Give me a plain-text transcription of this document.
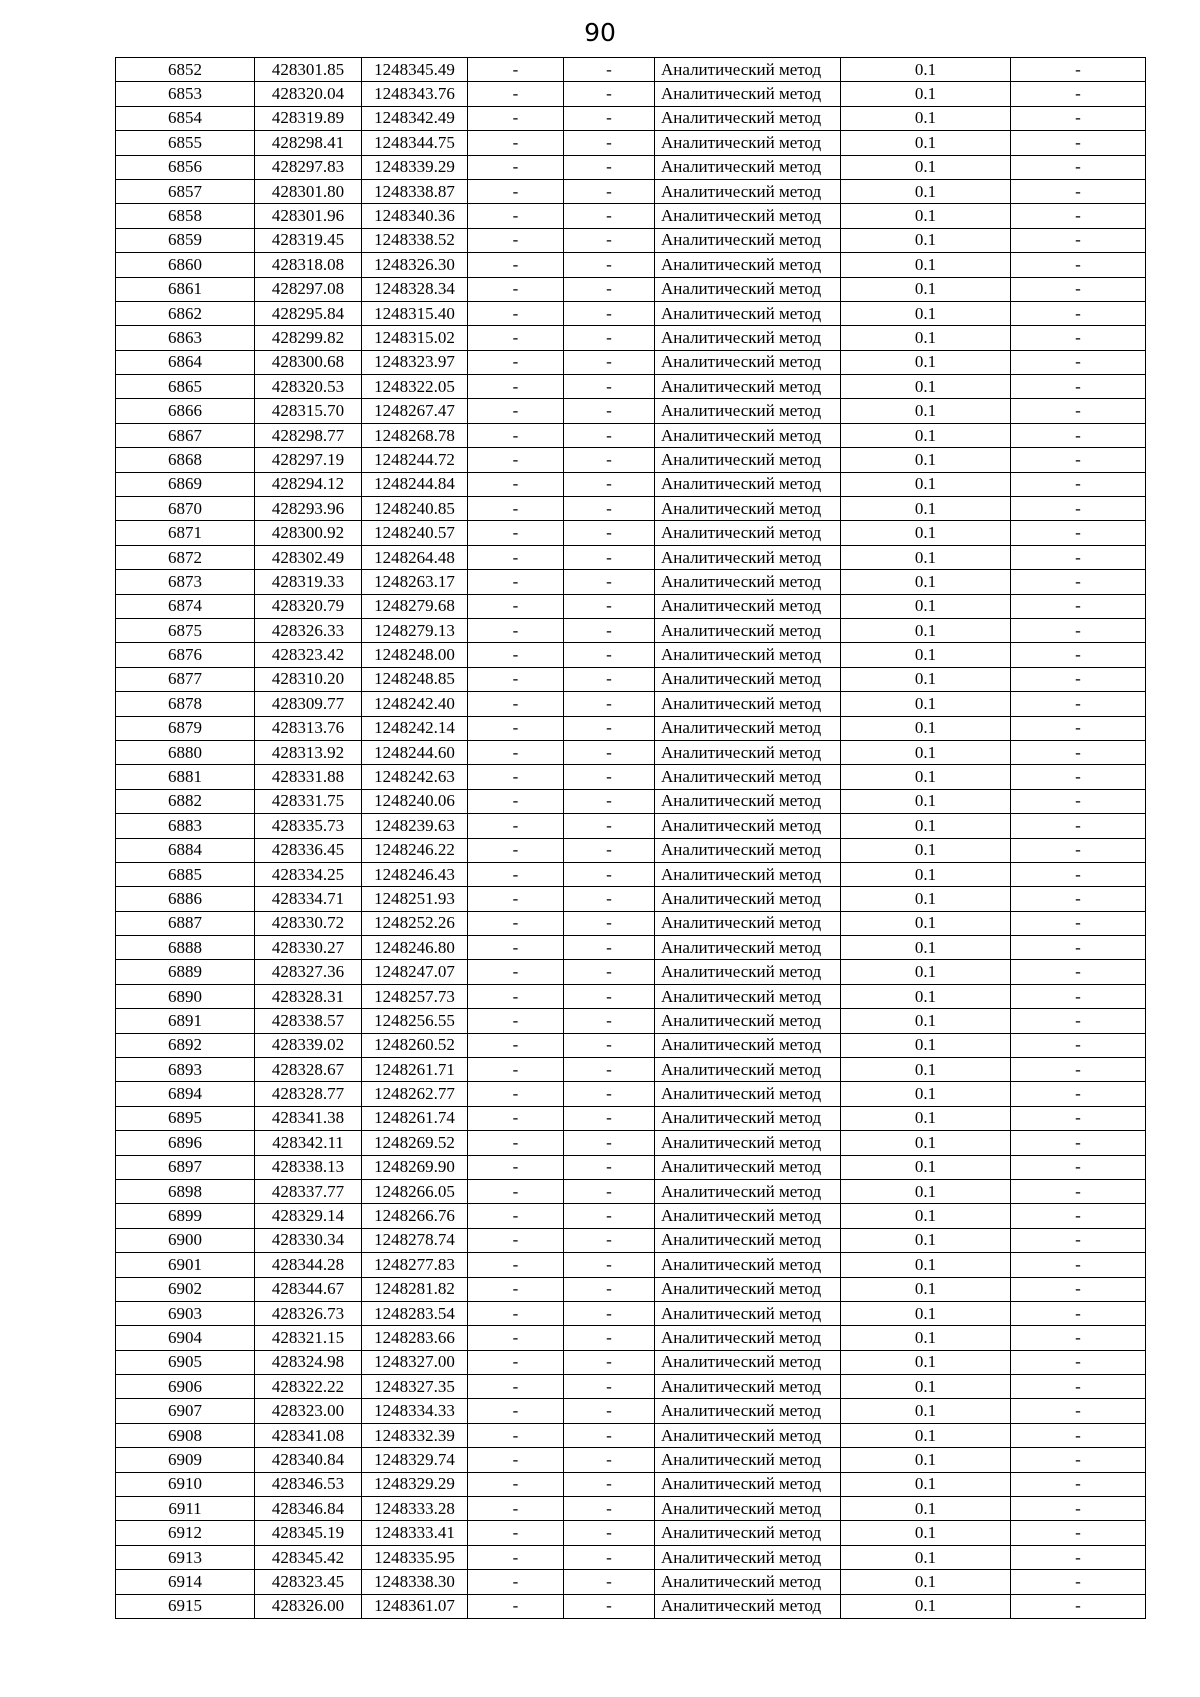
90
6852	428301.85	1248345.49	-	-	Аналитический метод	0.1	-
6853	428320.04	1248343.76	-	-	Аналитический метод	0.1	-
6854	428319.89	1248342.49	-	-	Аналитический метод	0.1	-
6855	428298.41	1248344.75	-	-	Аналитический метод	0.1	-
6856	428297.83	1248339.29	-	-	Аналитический метод	0.1	-
6857	428301.80	1248338.87	-	-	Аналитический метод	0.1	-
6858	428301.96	1248340.36	-	-	Аналитический метод	0.1	-
6859	428319.45	1248338.52	-	-	Аналитический метод	0.1	-
6860	428318.08	1248326.30	-	-	Аналитический метод	0.1	-
6861	428297.08	1248328.34	-	-	Аналитический метод	0.1	-
6862	428295.84	1248315.40	-	-	Аналитический метод	0.1	-
6863	428299.82	1248315.02	-	-	Аналитический метод	0.1	-
6864	428300.68	1248323.97	-	-	Аналитический метод	0.1	-
6865	428320.53	1248322.05	-	-	Аналитический метод	0.1	-
6866	428315.70	1248267.47	-	-	Аналитический метод	0.1	-
6867	428298.77	1248268.78	-	-	Аналитический метод	0.1	-
6868	428297.19	1248244.72	-	-	Аналитический метод	0.1	-
6869	428294.12	1248244.84	-	-	Аналитический метод	0.1	-
6870	428293.96	1248240.85	-	-	Аналитический метод	0.1	-
6871	428300.92	1248240.57	-	-	Аналитический метод	0.1	-
6872	428302.49	1248264.48	-	-	Аналитический метод	0.1	-
6873	428319.33	1248263.17	-	-	Аналитический метод	0.1	-
6874	428320.79	1248279.68	-	-	Аналитический метод	0.1	-
6875	428326.33	1248279.13	-	-	Аналитический метод	0.1	-
6876	428323.42	1248248.00	-	-	Аналитический метод	0.1	-
6877	428310.20	1248248.85	-	-	Аналитический метод	0.1	-
6878	428309.77	1248242.40	-	-	Аналитический метод	0.1	-
6879	428313.76	1248242.14	-	-	Аналитический метод	0.1	-
6880	428313.92	1248244.60	-	-	Аналитический метод	0.1	-
6881	428331.88	1248242.63	-	-	Аналитический метод	0.1	-
6882	428331.75	1248240.06	-	-	Аналитический метод	0.1	-
6883	428335.73	1248239.63	-	-	Аналитический метод	0.1	-
6884	428336.45	1248246.22	-	-	Аналитический метод	0.1	-
6885	428334.25	1248246.43	-	-	Аналитический метод	0.1	-
6886	428334.71	1248251.93	-	-	Аналитический метод	0.1	-
6887	428330.72	1248252.26	-	-	Аналитический метод	0.1	-
6888	428330.27	1248246.80	-	-	Аналитический метод	0.1	-
6889	428327.36	1248247.07	-	-	Аналитический метод	0.1	-
6890	428328.31	1248257.73	-	-	Аналитический метод	0.1	-
6891	428338.57	1248256.55	-	-	Аналитический метод	0.1	-
6892	428339.02	1248260.52	-	-	Аналитический метод	0.1	-
6893	428328.67	1248261.71	-	-	Аналитический метод	0.1	-
6894	428328.77	1248262.77	-	-	Аналитический метод	0.1	-
6895	428341.38	1248261.74	-	-	Аналитический метод	0.1	-
6896	428342.11	1248269.52	-	-	Аналитический метод	0.1	-
6897	428338.13	1248269.90	-	-	Аналитический метод	0.1	-
6898	428337.77	1248266.05	-	-	Аналитический метод	0.1	-
6899	428329.14	1248266.76	-	-	Аналитический метод	0.1	-
6900	428330.34	1248278.74	-	-	Аналитический метод	0.1	-
6901	428344.28	1248277.83	-	-	Аналитический метод	0.1	-
6902	428344.67	1248281.82	-	-	Аналитический метод	0.1	-
6903	428326.73	1248283.54	-	-	Аналитический метод	0.1	-
6904	428321.15	1248283.66	-	-	Аналитический метод	0.1	-
6905	428324.98	1248327.00	-	-	Аналитический метод	0.1	-
6906	428322.22	1248327.35	-	-	Аналитический метод	0.1	-
6907	428323.00	1248334.33	-	-	Аналитический метод	0.1	-
6908	428341.08	1248332.39	-	-	Аналитический метод	0.1	-
6909	428340.84	1248329.74	-	-	Аналитический метод	0.1	-
6910	428346.53	1248329.29	-	-	Аналитический метод	0.1	-
6911	428346.84	1248333.28	-	-	Аналитический метод	0.1	-
6912	428345.19	1248333.41	-	-	Аналитический метод	0.1	-
6913	428345.42	1248335.95	-	-	Аналитический метод	0.1	-
6914	428323.45	1248338.30	-	-	Аналитический метод	0.1	-
6915	428326.00	1248361.07	-	-	Аналитический метод	0.1	-
